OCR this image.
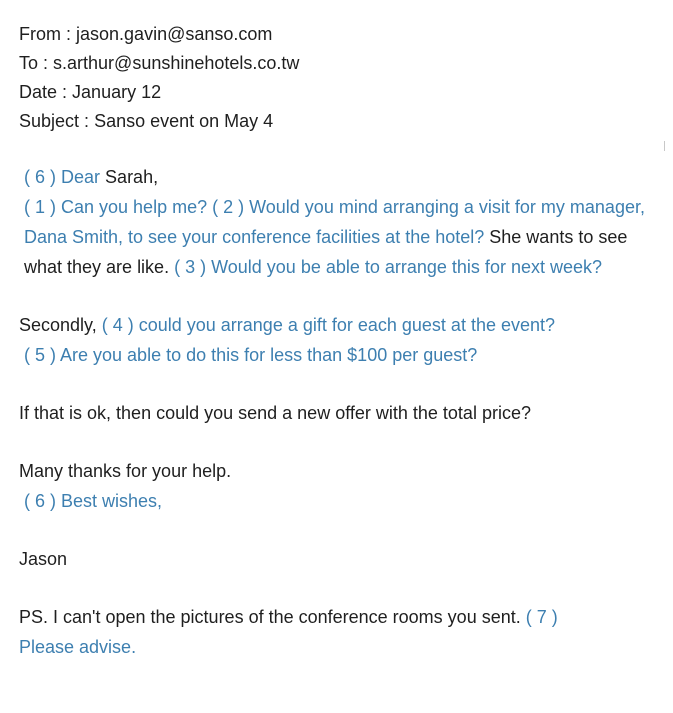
From : jason.gavin@sanso.com
To : s.arthur@sunshinehotels.co.tw
Date : January 12
Subject : Sanso event on May 4

( 6 ) Dear Sarah,

( 1 ) Can you help me? ( 2 ) Would you mind arranging a visit for my manager, Dana Smith, to see your conference facilities at the hotel? She wants to see what they are like. ( 3 ) Would you be able to arrange this for next week?

Secondly, ( 4 ) could you arrange a gift for each guest at the event?

( 5 ) Are you able to do this for less than $100 per guest?

If that is ok, then could you send a new offer with the total price?

Many thanks for your help.

( 6 ) Best wishes,

Jason

PS. I can't open the pictures of the conference rooms you sent. ( 7 )
Please advise.
